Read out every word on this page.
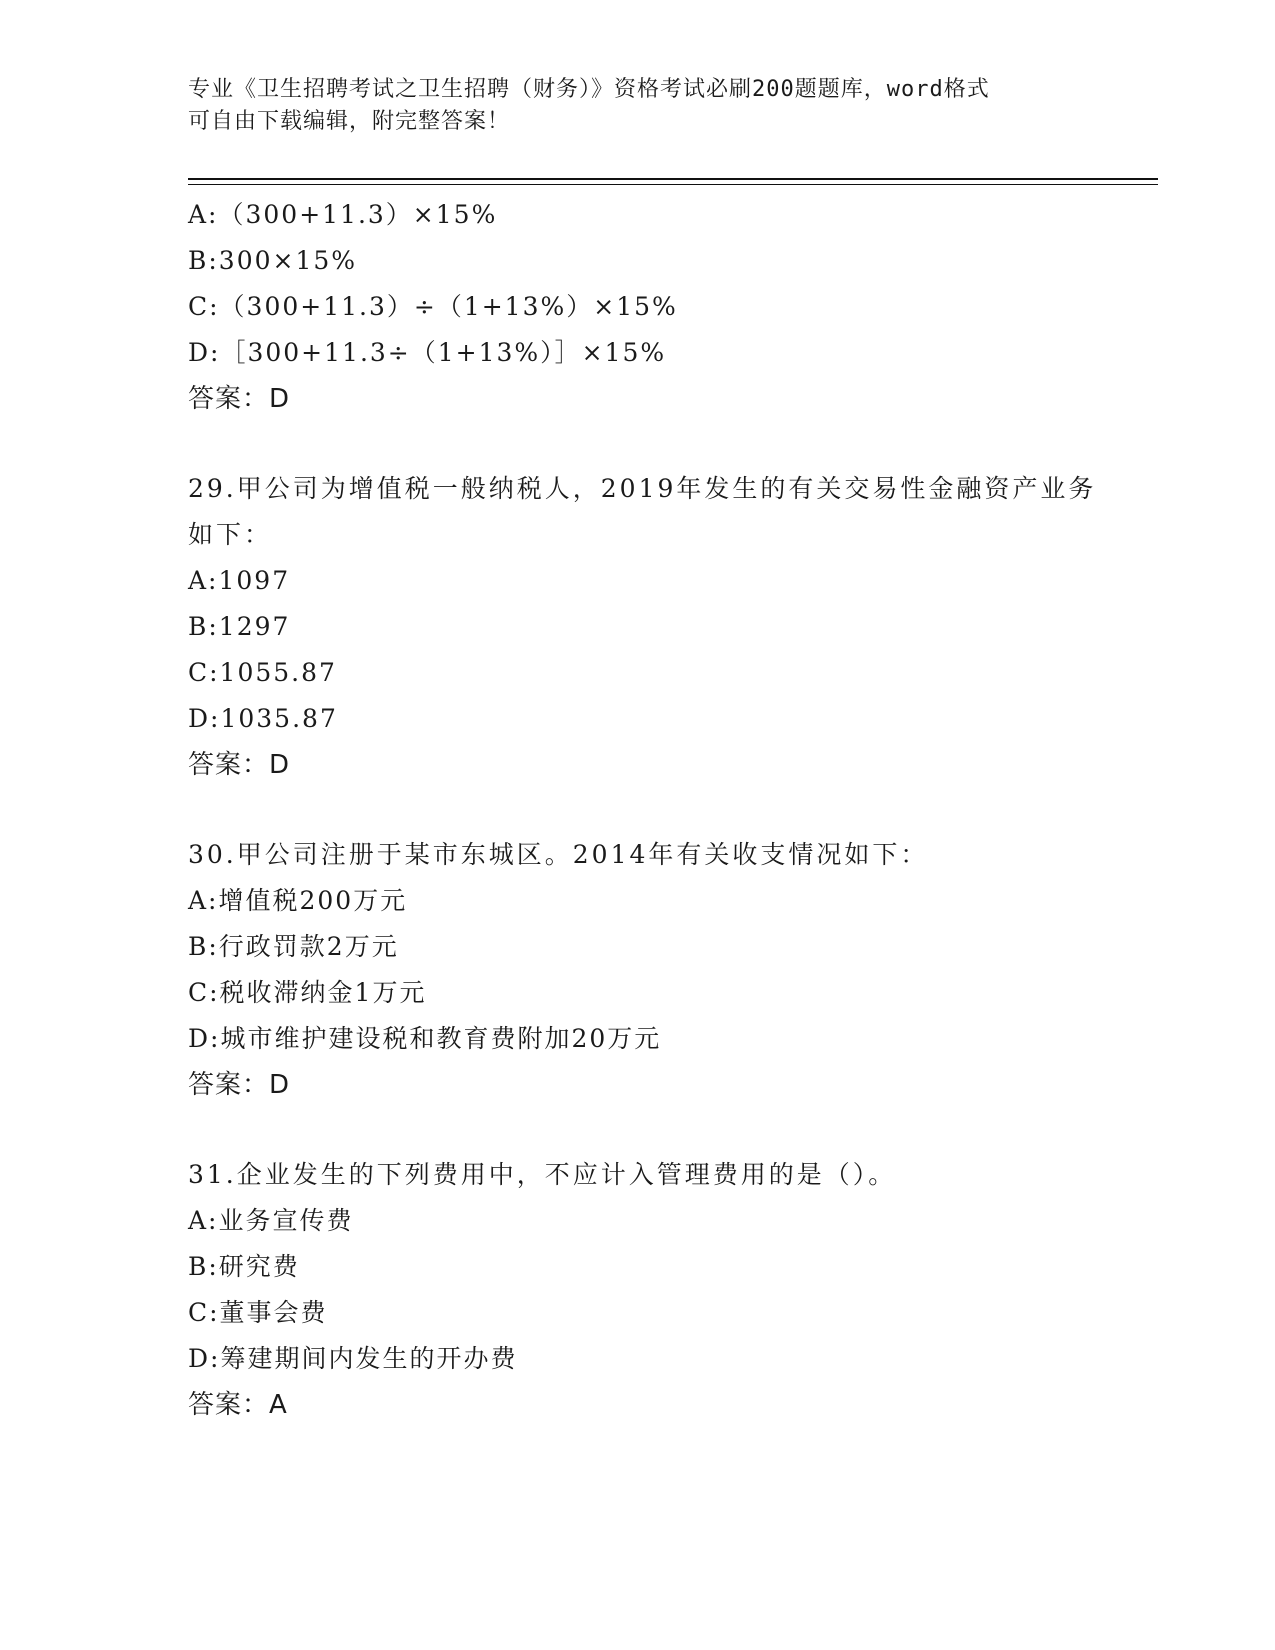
专业《卫生招聘考试之卫生招聘（财务）》资格考试必刷200题题库，word格式
可自由下载编辑，附完整答案！
A:（300+11.3）×15%
B:300×15%
C:（300+11.3）÷（1+13%）×15%
D:［300+11.3÷（1+13%）］×15%
答案：D
29.甲公司为增值税一般纳税人，2019年发生的有关交易性金融资产业务如下：
A:1097
B:1297
C:1055.87
D:1035.87
答案：D
30.甲公司注册于某市东城区。2014年有关收支情况如下：
A:增值税200万元
B:行政罚款2万元
C:税收滞纳金1万元
D:城市维护建设税和教育费附加20万元
答案：D
31.企业发生的下列费用中，不应计入管理费用的是（）。
A:业务宣传费
B:研究费
C:董事会费
D:筹建期间内发生的开办费
答案：A
